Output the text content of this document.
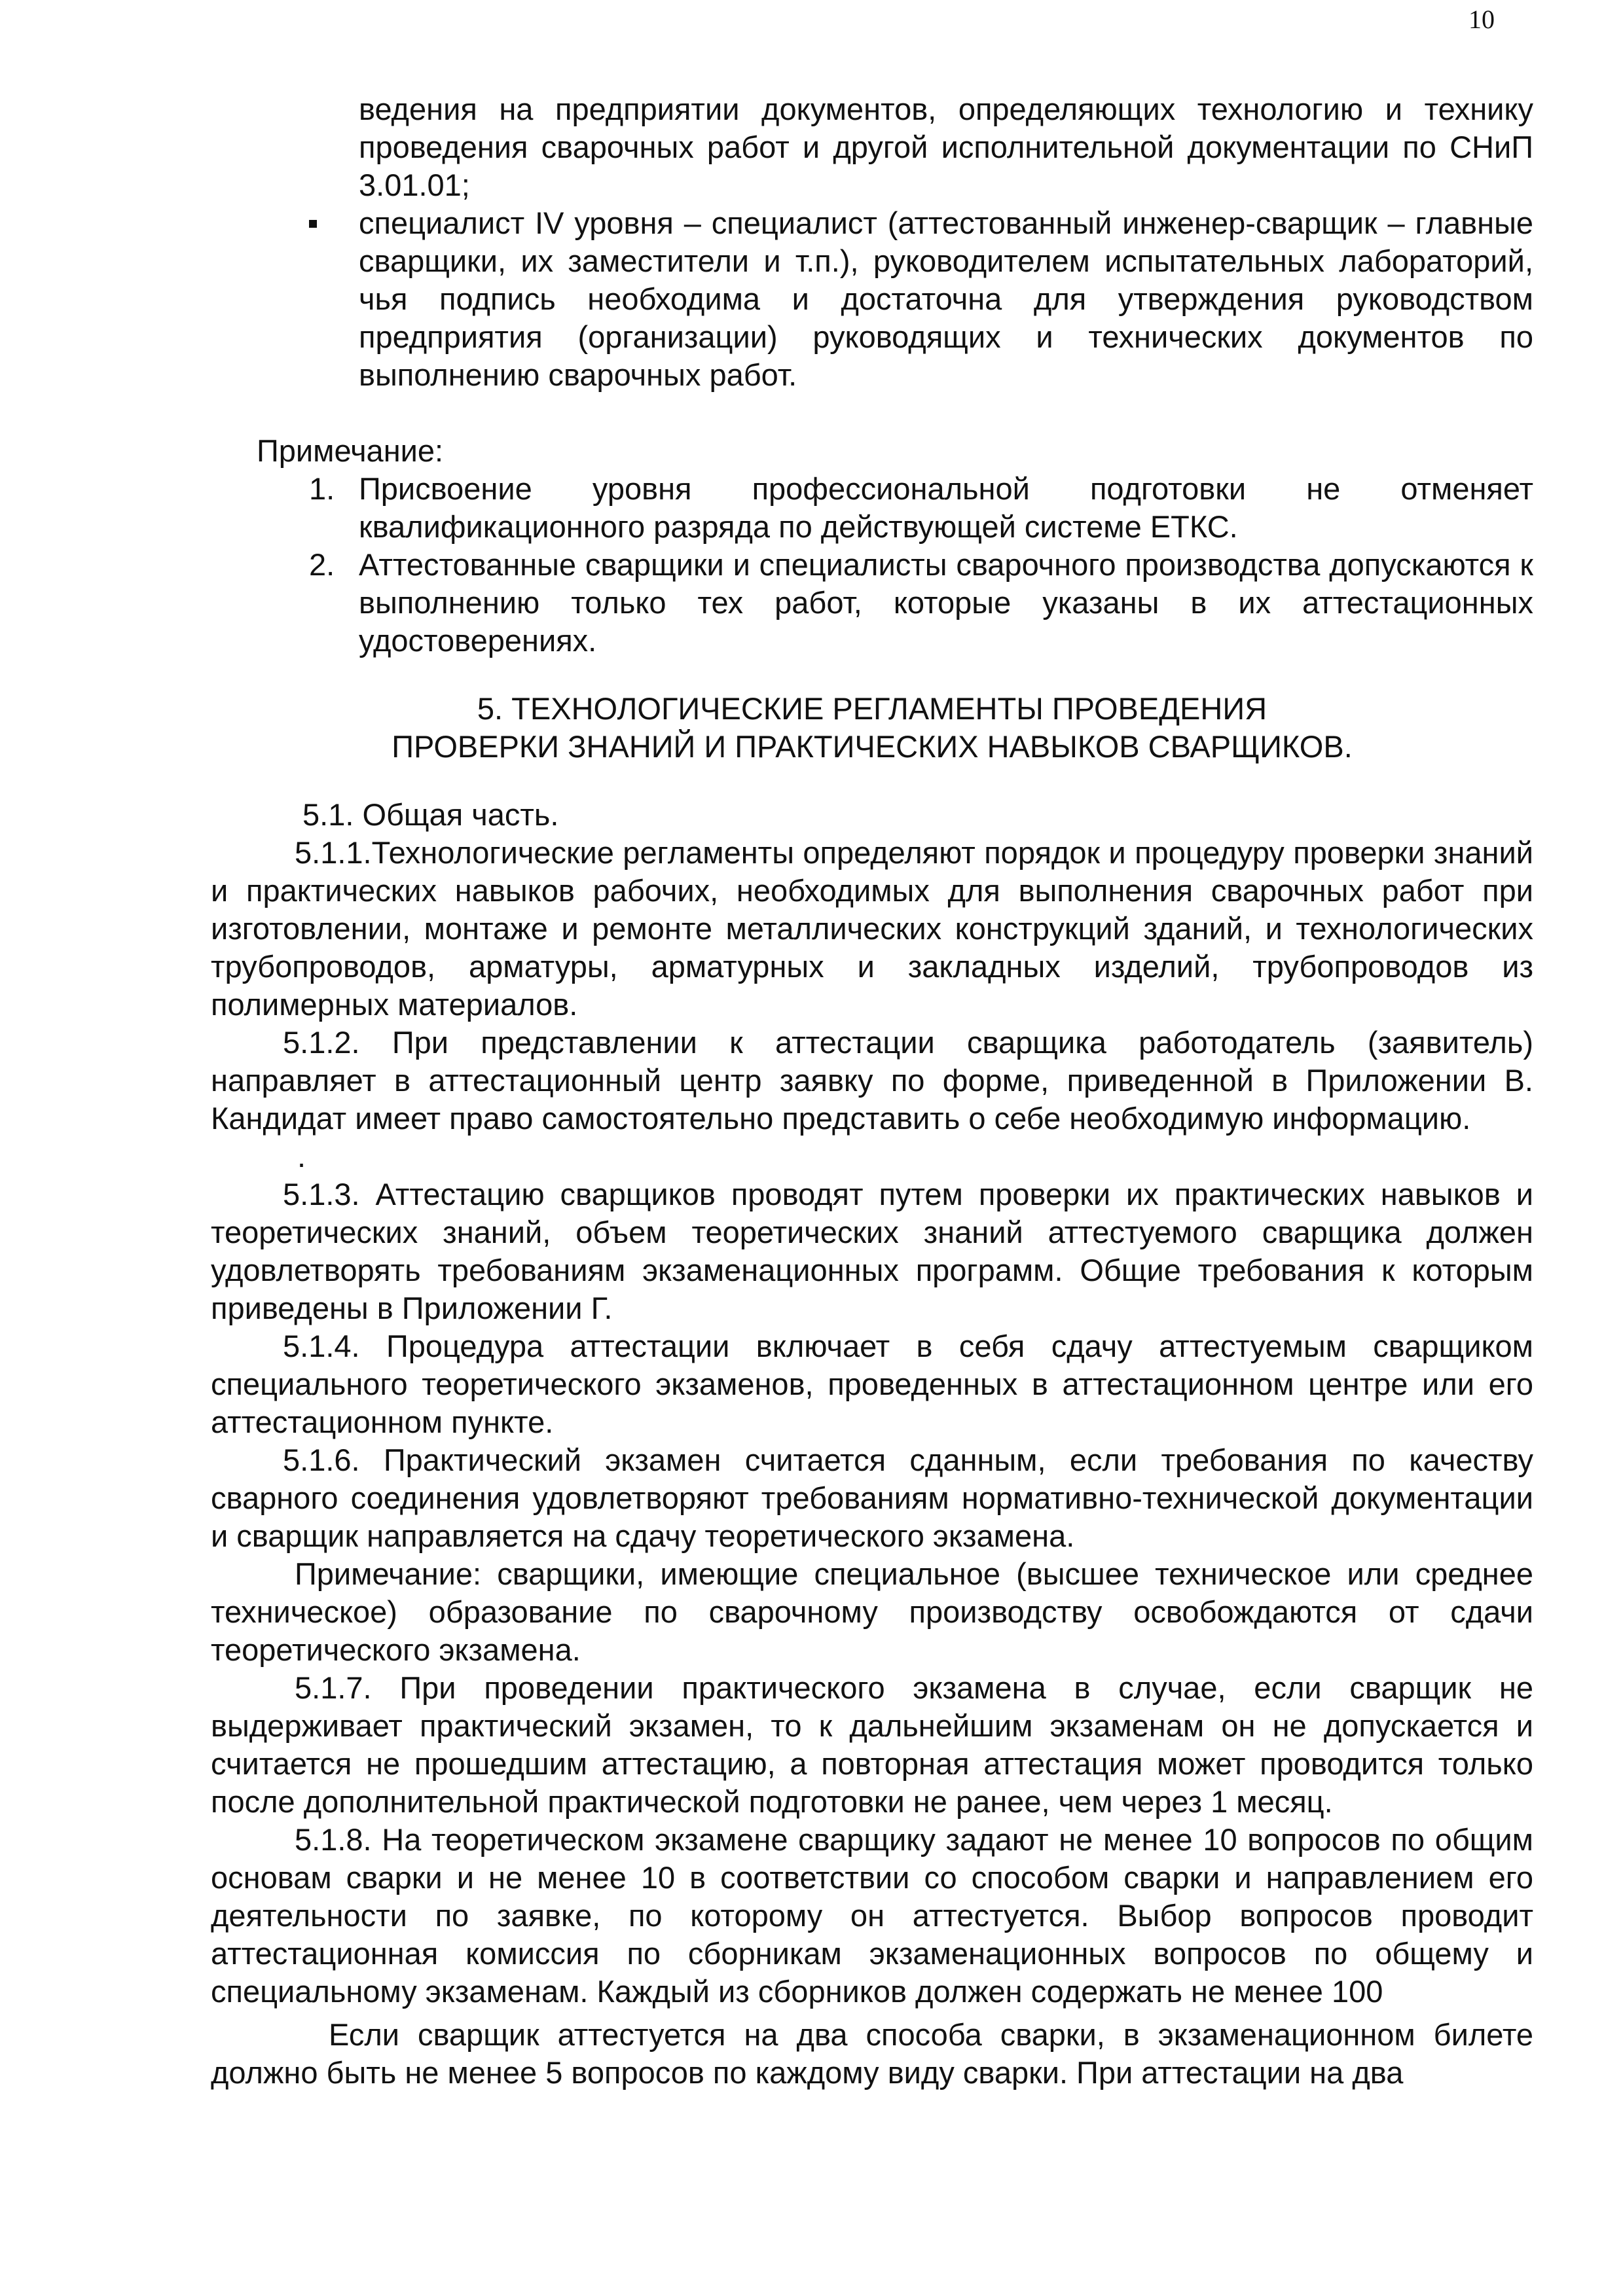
10
ведения на предприятии документов, определяющих технологию и технику проведения сварочных работ и другой исполнительной документации по СНиП 3.01.01;
специалист IV уровня – специалист (аттестованный инженер-сварщик – главные сварщики, их заместители и т.п.), руководителем испытательных лабораторий, чья подпись необходима и достаточна для утверждения руководством предприятия (организации) руководящих и технических документов по выполнению сварочных работ.

Примечание:

1. Присвоение уровня профессиональной подготовки не отменяет квалификационного разряда по действующей системе ЕТКС.
2. Аттестованные сварщики и специалисты сварочного производства допускаются к выполнению только тех работ, которые указаны в их аттестационных удостоверениях.
5. ТЕХНОЛОГИЧЕСКИЕ РЕГЛАМЕНТЫ ПРОВЕДЕНИЯ
ПРОВЕРКИ ЗНАНИЙ И ПРАКТИЧЕСКИХ НАВЫКОВ СВАРЩИКОВ.

5.1. Общая часть.

5.1.1.Технологические регламенты определяют порядок и процедуру проверки знаний и практических навыков рабочих, необходимых для выполнения сварочных работ при изготовлении, монтаже и ремонте металлических конструкций зданий, и технологических трубопроводов, арматуры, арматурных и закладных изделий, трубопроводов из полимерных материалов.

5.1.2. При представлении к аттестации сварщика работодатель (заявитель) направляет в аттестационный центр заявку по форме, приведенной в Приложении В. Кандидат имеет право самостоятельно представить о себе необходимую информацию.

.

5.1.3. Аттестацию сварщиков проводят путем проверки их практических навыков и теоретических знаний, объем теоретических знаний аттестуемого сварщика должен удовлетворять требованиям экзаменационных программ. Общие требования к которым приведены в Приложении Г.

5.1.4. Процедура аттестации включает в себя сдачу аттестуемым сварщиком специального теоретического экзаменов, проведенных в аттестационном центре или его аттестационном пункте.

5.1.6. Практический экзамен считается сданным, если требования по качеству сварного соединения удовлетворяют требованиям нормативно-технической документации и сварщик направляется на сдачу теоретического экзамена.

Примечание: сварщики, имеющие специальное (высшее техническое или среднее техническое) образование по сварочному производству освобождаются от сдачи теоретического экзамена.

5.1.7. При проведении практического экзамена в случае, если сварщик не выдерживает практический экзамен, то к дальнейшим экзаменам он не допускается и считается не прошедшим аттестацию, а повторная аттестация может проводится только после дополнительной практической подготовки не ранее, чем через 1 месяц.

5.1.8. На теоретическом экзамене сварщику задают не менее 10 вопросов по общим основам сварки и не менее 10 в соответствии со способом сварки и направлением его деятельности по заявке, по которому он аттестуется. Выбор вопросов проводит аттестационная комиссия по сборникам экзаменационных вопросов по общему и специальному экзаменам. Каждый из сборников должен содержать не менее 100

Если сварщик аттестуется на два способа сварки, в экзаменационном билете должно быть не менее 5 вопросов по каждому виду сварки. При аттестации на два
